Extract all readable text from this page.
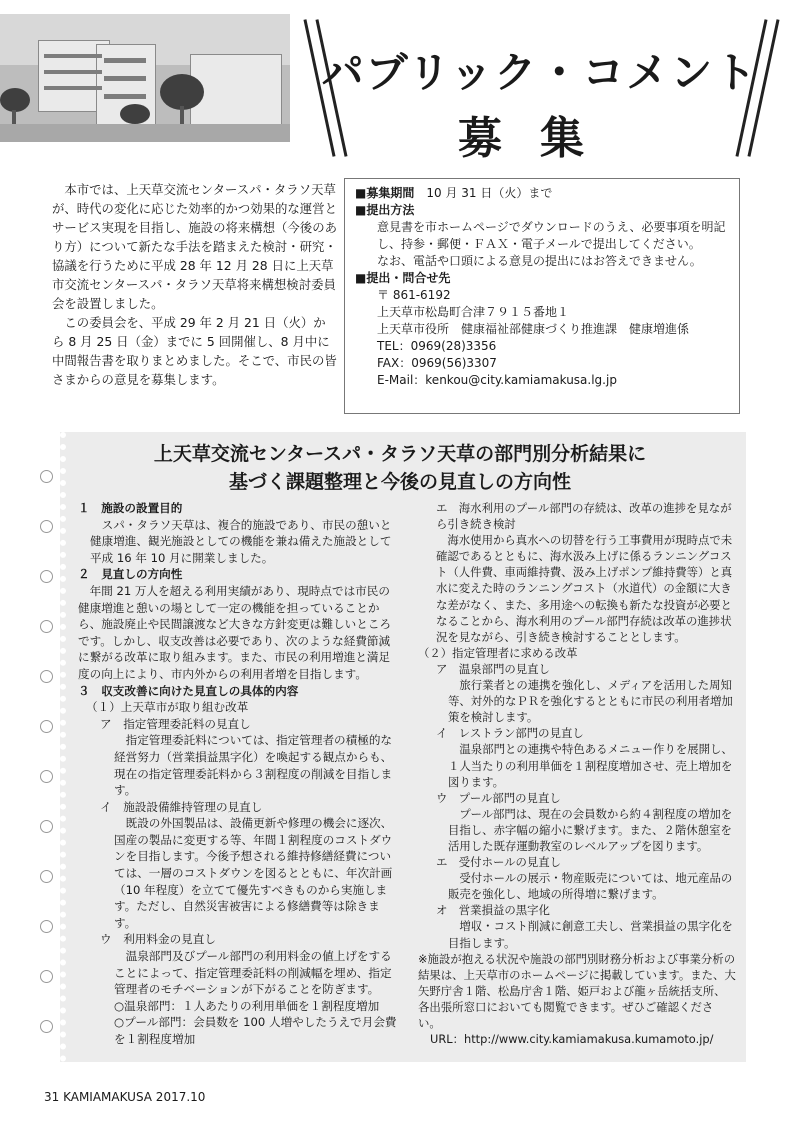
パブリック・コメント
募集

本市では、上天草交流センタースパ・タラソ天草が、時代の変化に応じた効率的かつ効果的な運営とサービス実現を目指し、施設の将来構想（今後のあり方）について新たな手法を踏まえた検討・研究・協議を行うために平成 28 年 12 月 28 日に上天草市交流センタースパ・タラソ天草将来構想検討委員会を設置しました。

この委員会を、平成 29 年 2 月 21 日（火）から 8 月 25 日（金）までに 5 回開催し、8 月中に中間報告書を取りまとめました。そこで、市民の皆さまからの意見を募集します。

■募集期間　 10 月 31 日（火）まで
■提出方法
意見書を市ホームページでダウンロードのうえ、必要事項を明記し、持参・郵便・ＦＡＸ・電子メールで提出してください。
なお、電話や口頭による意見の提出にはお答えできません。
■提出・問合せ先
〒 861-6192
上天草市松島町合津７９１５番地１
上天草市役所　健康福祉部健康づくり推進課　健康増進係
TEL：0969(28)3356
FAX：0969(56)3307
E-Mail：kenkou@city.kamiamakusa.lg.jp
上天草交流センタースパ・タラソ天草の部門別分析結果に
基づく課題整理と今後の見直しの方向性
１　施設の設置目的
　スパ・タラソ天草は、複合的施設であり、市民の憩いと健康増進、観光施設としての機能を兼ね備えた施設として平成 16 年 10 月に開業しました。
２　見直しの方向性
　年間 21 万人を超える利用実績があり、現時点では市民の健康増進と憩いの場として一定の機能を担っていることから、施設廃止や民間譲渡など大きな方針変更は難しいところです。しかし、収支改善は必要であり、次のような経費節減に繋がる改革に取り組みます。また、市民の利用増進と満足度の向上により、市内外からの利用者増を目指します。
３　収支改善に向けた見直しの具体的内容
（１）上天草市が取り組む改革
ア　指定管理委託料の見直し
　指定管理委託料については、指定管理者の積極的な経営努力（営業損益黒字化）を喚起する観点からも、現在の指定管理委託料から３割程度の削減を目指します。
イ　施設設備維持管理の見直し
　既設の外国製品は、設備更新や修理の機会に逐次、国産の製品に変更する等、年間１割程度のコストダウンを目指します。今後予想される維持修繕経費については、一層のコストダウンを図るとともに、年次計画（10 年程度）を立てて優先すべきものから実施します。ただし、自然災害被害による修繕費等は除きます。
ウ　利用料金の見直し
　温泉部門及びプール部門の利用料金の値上げをすることによって、指定管理委託料の削減幅を埋め、指定管理者のモチベーションが下がることを防ぎます。
○温泉部門：１人あたりの利用単価を１割程度増加
○プール部門：会員数を 100 人増やしたうえで月会費を１割程度増加
エ　海水利用のプール部門の存続は、改革の進捗を見ながら引き続き検討
　海水使用から真水への切替を行う工事費用が現時点で未確認であるとともに、海水汲み上げに係るランニングコスト（人件費、車両維持費、汲み上げポンプ維持費等）と真水に変えた時のランニングコスト（水道代）の金額に大きな差がなく、また、多用途への転換も新たな投資が必要となることから、海水利用のプール部門存続は改革の進捗状況を見ながら、引き続き検討することとします。
（２）指定管理者に求める改革
ア　温泉部門の見直し
　旅行業者との連携を強化し、メディアを活用した周知等、対外的なＰＲを強化するとともに市民の利用者増加策を検討します。
イ　レストラン部門の見直し
　温泉部門との連携や特色あるメニュー作りを展開し、１人当たりの利用単価を１割程度増加させ、売上増加を図ります。
ウ　プール部門の見直し
　プール部門は、現在の会員数から約４割程度の増加を目指し、赤字幅の縮小に繋げます。また、２階休憩室を活用した既存運動教室のレベルアップを図ります。
エ　受付ホールの見直し
　受付ホールの展示・物産販売については、地元産品の販売を強化し、地域の所得増に繋げます。
オ　営業損益の黒字化
　増収・コスト削減に創意工夫し、営業損益の黒字化を目指します。
※施設が抱える状況や施設の部門別財務分析および事業分析の結果は、上天草市のホームページに掲載しています。また、大矢野庁舎１階、松島庁舎１階、姫戸および龍ヶ岳統括支所、各出張所窓口においても閲覧できます。ぜひご確認ください。
URL：http://www.city.kamiamakusa.kumamoto.jp/
31 KAMIAMAKUSA 2017.10
